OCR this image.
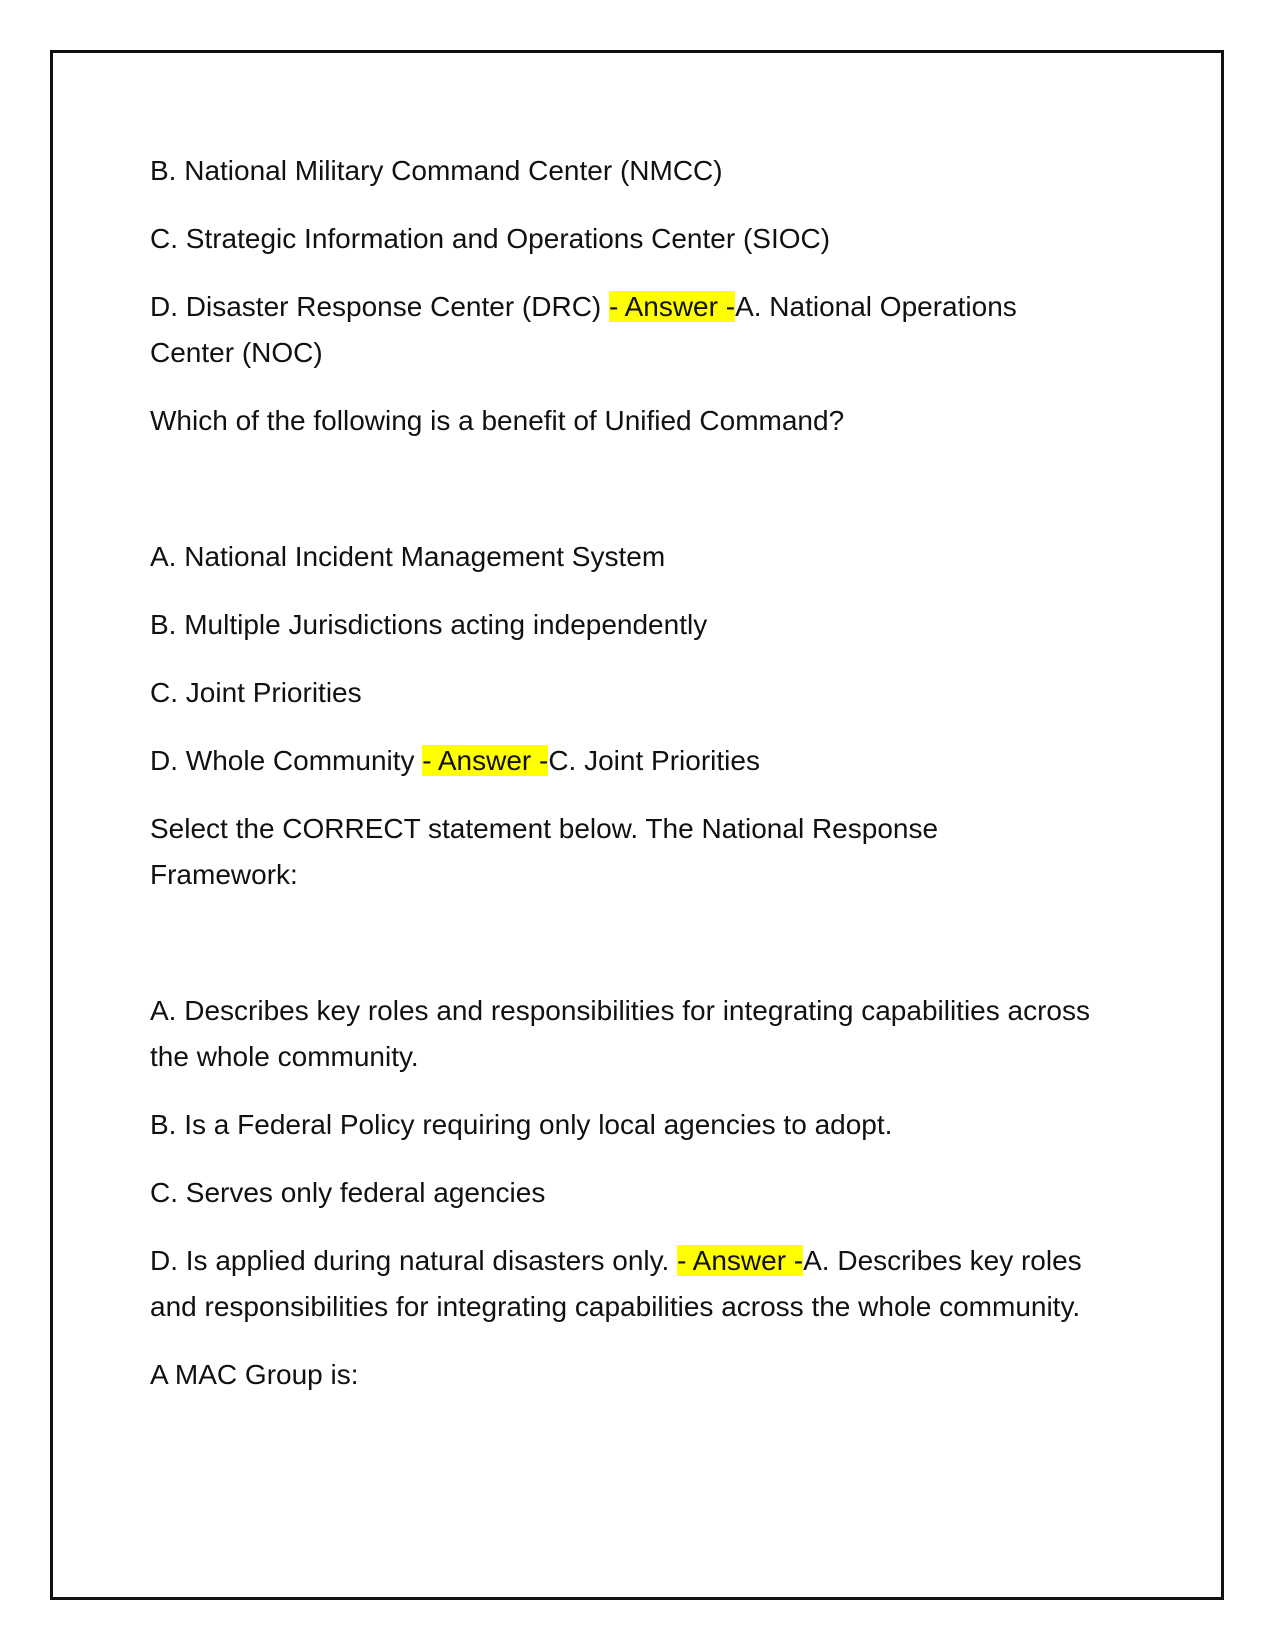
B. National Military Command Center (NMCC)

C. Strategic Information and Operations Center (SIOC)

D. Disaster Response Center (DRC) - Answer -A. National Operations Center (NOC)

Which of the following is a benefit of Unified Command?

A. National Incident Management System

B. Multiple Jurisdictions acting independently

C. Joint Priorities

D. Whole Community - Answer -C. Joint Priorities

Select the CORRECT statement below. The National Response Framework:

A. Describes key roles and responsibilities for integrating capabilities across the whole community.

B. Is a Federal Policy requiring only local agencies to adopt.

C. Serves only federal agencies

D. Is applied during natural disasters only. - Answer -A. Describes key roles and responsibilities for integrating capabilities across the whole community.

A MAC Group is:
